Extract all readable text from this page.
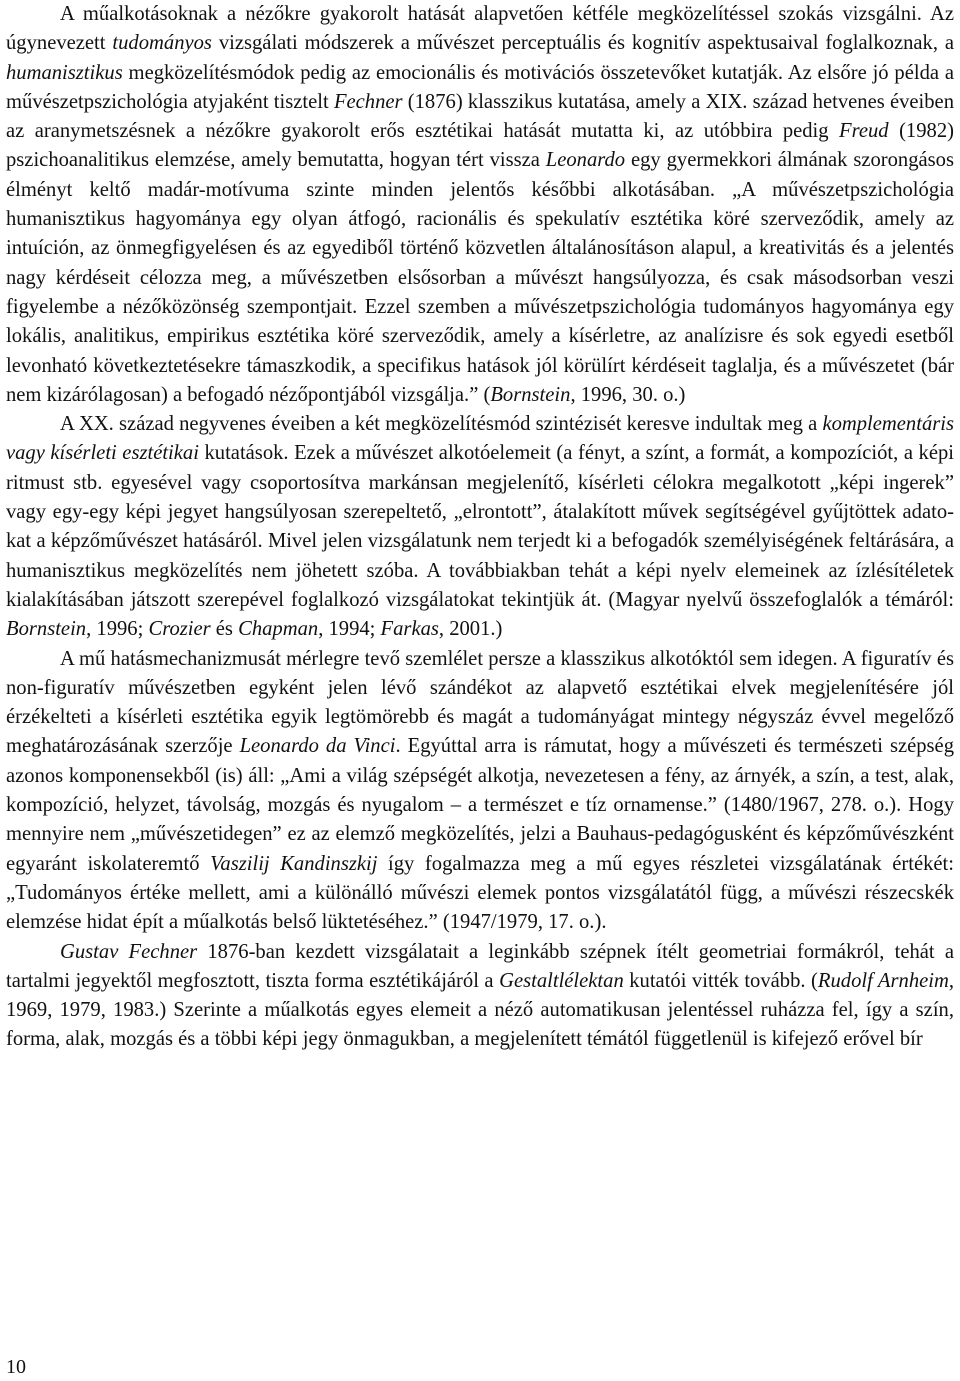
A műalkotásoknak a nézőkre gyakorolt hatását alapvetően kétféle megközelítéssel szokás vizsgálni. Az úgynevezett tudományos vizsgálati módszerek a művészet perceptuális és kognitív aspektusaival foglalkoznak, a humanisztikus megközelítésmódok pedig az emocionális és motivációs összetevőket kutatják. Az elsőre jó példa a művészetpszichológia atyjaként tisztelt Fechner (1876) klasszikus kutatása, amely a XIX. század hetvenes éveiben az aranymetszésnek a nézőkre gyakorolt erős esztétikai hatását mutatta ki, az utóbbira pedig Freud (1982) pszichoanalitikus elemzése, amely bemutatta, hogyan tért vissza Leonardo egy gyermekkori álmának szorongásos élményt keltő madár-motívuma szinte minden jelentős későbbi alkotásában. „A művészetpszichológia humanisztikus hagyománya egy olyan átfogó, racionális és spekulatív esztétika köré szerveződik, amely az intuíción, az önmegfigyelésen és az egyediből történő közvetlen általánosításon alapul, a kreativitás és a jelentés nagy kérdéseit célozza meg, a művészetben elsősorban a művészt hangsúlyozza, és csak másodsorban veszi figyelembe a nézőközönség szempontjait. Ezzel szemben a művészetpszichológia tudományos hagyománya egy lokális, analitikus, empirikus esztétika köré szerveződik, amely a kísérletre, az analízisre és sok egyedi esetből levonható következtetésekre támaszkodik, a specifikus hatások jól körülírt kérdéseit taglalja, és a művészetet (bár nem kizárólagosan) a befogadó nézőpontjából vizsgálja.” (Bornstein, 1996, 30. o.)

A XX. század negyvenes éveiben a két megközelítésmód szintézisét keresve indultak meg a komplementáris vagy kísérleti esztétikai kutatások. Ezek a művészet alkotóelemeit (a fényt, a színt, a formát, a kompozíciót, a képi ritmust stb. egyesével vagy csoportosítva markánsan megjelenítő, kísérleti célokra megalkotott „képi ingerek” vagy egy-egy képi jegyet hangsúlyosan szerepeltető, „elrontott”, átalakított művek segítségével gyűjtöttek adatokat a képzőművészet hatásáról. Mivel jelen vizsgálatunk nem terjedt ki a befogadók személyiségének feltárására, a humanisztikus megközelítés nem jöhetett szóba. A továbbiakban tehát a képi nyelv elemeinek az ízlésítéletek kialakításában játszott szerepével foglalkozó vizsgálatokat tekintjük át. (Magyar nyelvű összefoglalók a témáról: Bornstein, 1996; Crozier és Chapman, 1994; Farkas, 2001.)

A mű hatásmechanizmusát mérlegre tevő szemlélet persze a klasszikus alkotóktól sem idegen. A figuratív és non-figuratív művészetben egyként jelen lévő szándékot az alapvető esztétikai elvek megjelenítésére jól érzékelteti a kísérleti esztétika egyik legtömörebb és magát a tudományágat mintegy négyszáz évvel megelőző meghatározásának szerzője Leonardo da Vinci. Egyúttal arra is rámutat, hogy a művészeti és természeti szépség azonos komponensekből (is) áll: „Ami a világ szépségét alkotja, nevezetesen a fény, az árnyék, a szín, a test, alak, kompozíció, helyzet, távolság, mozgás és nyugalom – a természet e tíz ornamense.” (1480/1967, 278. o.). Hogy mennyire nem „művészetidegen” ez az elemző megközelítés, jelzi a Bauhaus-pedagógusként és képzőművészként egyaránt iskolateremtő Vaszilij Kandinszkij így fogalmazza meg a mű egyes részletei vizsgálatának értékét: „Tudományos értéke mellett, ami a különálló művészi elemek pontos vizsgálatától függ, a művészi részecskék elemzése hidat épít a műalkotás belső lüktetéséhez.” (1947/1979, 17. o.).

Gustav Fechner 1876-ban kezdett vizsgálatait a leginkább szépnek ítélt geometriai formákról, tehát a tartalmi jegyektől megfosztott, tiszta forma esztétikájáról a Gestaltlélektan kutatói vitték tovább. (Rudolf Arnheim, 1969, 1979, 1983.) Szerinte a műalkotás egyes elemeit a néző automatikusan jelentéssel ruházza fel, így a szín, forma, alak, mozgás és a többi képi jegy önmagukban, a megjelenített témától függetlenül is kifejező erővel bír

10
